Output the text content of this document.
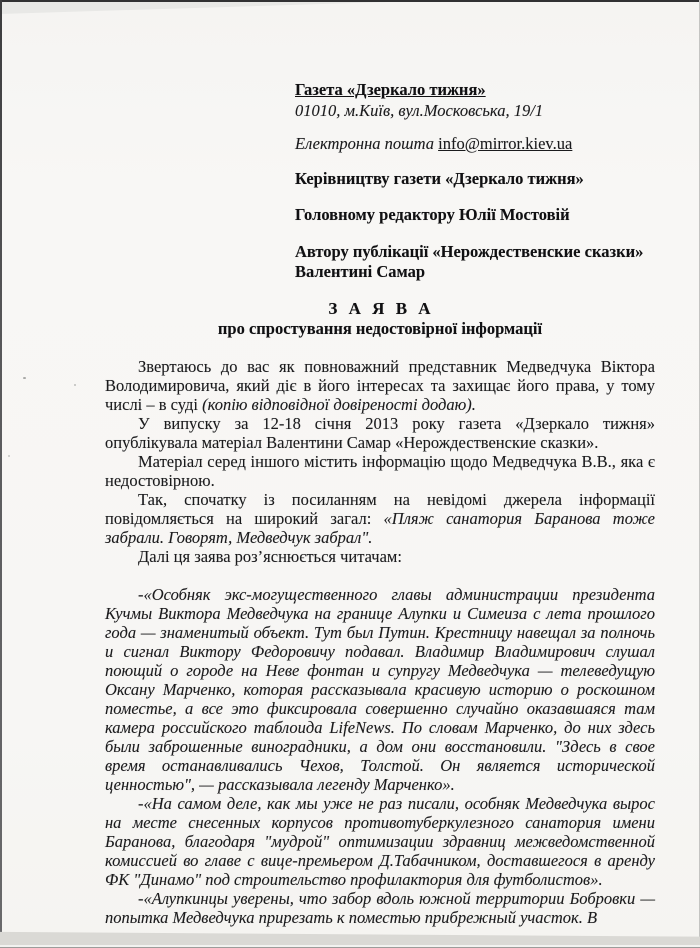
Газета «Дзеркало тижня»
01010, м.Київ, вул.Московська, 19/1
Електронна пошта info@mirror.kiev.ua
Керівництву газети «Дзеркало тижня»
Головному редактору Юлії Мостовій
Автору публікації «Нерождественские сказки»
Валентині Самар
З А Я В А
про спростування недостовірної інформації

Звертаюсь до вас як повноважний представник Медведчука Віктора Володимировича, який діє в його інтересах та захищає його права, у тому числі – в суді (копію відповідної довіреності додаю).

У випуску за 12-18 січня 2013 року газета «Дзеркало тижня» опублікувала матеріал Валентини Самар «Нерождественские сказки».

Матеріал серед іншого містить інформацію щодо Медведчука В.В., яка є недостовірною.

Так, спочатку із посиланням на невідомі джерела інформації повідомляється на широкий загал: «Пляж санатория Баранова тоже забрали. Говорят, Медведчук забрал".

Далі ця заява роз’яснюється читачам:

-«Особняк экс-могущественного главы администрации президента Кучмы Виктора Медведчука на границе Алупки и Симеиза с лета прошлого года — знаменитый объект. Тут был Путин. Крестницу навещал за полночь и сигнал Виктору Федоровичу подавал. Владимир Владимирович слушал поющий о городе на Неве фонтан и супругу Медведчука — телеведущую Оксану Марченко, которая рассказывала красивую историю о роскошном поместье, а все это фиксировала совершенно случайно оказавшаяся там камера российского таблоида LifeNews. По словам Марченко, до них здесь были заброшенные виноградники, а дом они восстановили. "Здесь в свое время останавливались Чехов, Толстой. Он является исторической ценностью", — рассказывала легенду Марченко».

-«На самом деле, как мы уже не раз писали, особняк Медведчука вырос на месте снесенных корпусов противотуберкулезного санатория имени Баранова, благодаря "мудрой" оптимизации здравниц межведомственной комиссией во главе с вице-премьером Д.Табачником, доставшегося в аренду ФК "Динамо" под строительство профилактория для футболистов».

-«Алупкинцы уверены, что забор вдоль южной территории Бобровки — попытка Медведчука прирезать к поместью прибрежный участок. В
